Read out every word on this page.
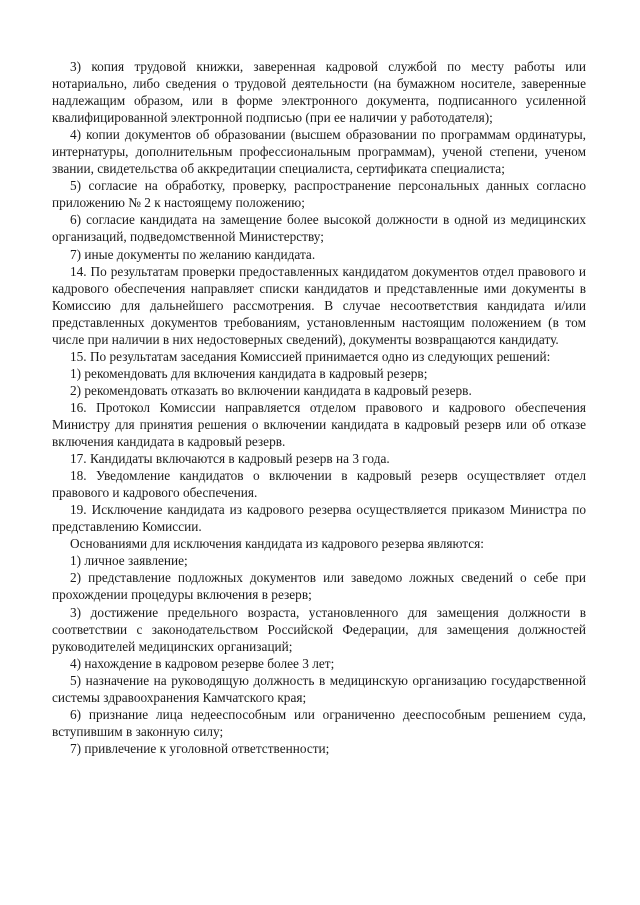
3) копия трудовой книжки, заверенная кадровой службой по месту работы или нотариально, либо сведения о трудовой деятельности (на бумажном носителе, заверенные надлежащим образом, или в форме электронного документа, подписанного усиленной квалифицированной электронной подписью (при ее наличии у работодателя);

4) копии документов об образовании (высшем образовании по программам ординатуры, интернатуры, дополнительным профессиональным программам), ученой степени, ученом звании, свидетельства об аккредитации специалиста, сертификата специалиста;

5) согласие на обработку, проверку, распространение персональных данных согласно приложению № 2 к настоящему положению;

6) согласие кандидата на замещение более высокой должности в одной из медицинских организаций, подведомственной Министерству;

7) иные документы по желанию кандидата.

14. По результатам проверки предоставленных кандидатом документов отдел правового и кадрового обеспечения направляет списки кандидатов и представленные ими документы в Комиссию для дальнейшего рассмотрения. В случае несоответствия кандидата и/или представленных документов требованиям, установленным настоящим положением (в том числе при наличии в них недостоверных сведений), документы возвращаются кандидату.

15. По результатам заседания Комиссией принимается одно из следующих решений:

1) рекомендовать для включения кандидата в кадровый резерв;

2) рекомендовать отказать во включении кандидата в кадровый резерв.

16. Протокол Комиссии направляется отделом правового и кадрового обеспечения Министру для принятия решения о включении кандидата в кадровый резерв или об отказе включения кандидата в кадровый резерв.

17. Кандидаты включаются в кадровый резерв на 3 года.

18. Уведомление кандидатов о включении в кадровый резерв осуществляет отдел правового и кадрового обеспечения.

19. Исключение кандидата из кадрового резерва осуществляется приказом Министра по представлению Комиссии.

Основаниями для исключения кандидата из кадрового резерва являются:

1) личное заявление;

2) представление подложных документов или заведомо ложных сведений о себе при прохождении процедуры включения в резерв;

3) достижение предельного возраста, установленного для замещения должности в соответствии с законодательством Российской Федерации, для замещения должностей руководителей медицинских организаций;

4) нахождение в кадровом резерве более 3 лет;

5) назначение на руководящую должность в медицинскую организацию государственной системы здравоохранения Камчатского края;

6) признание лица недееспособным или ограниченно дееспособным решением суда, вступившим в законную силу;

7) привлечение к уголовной ответственности;
